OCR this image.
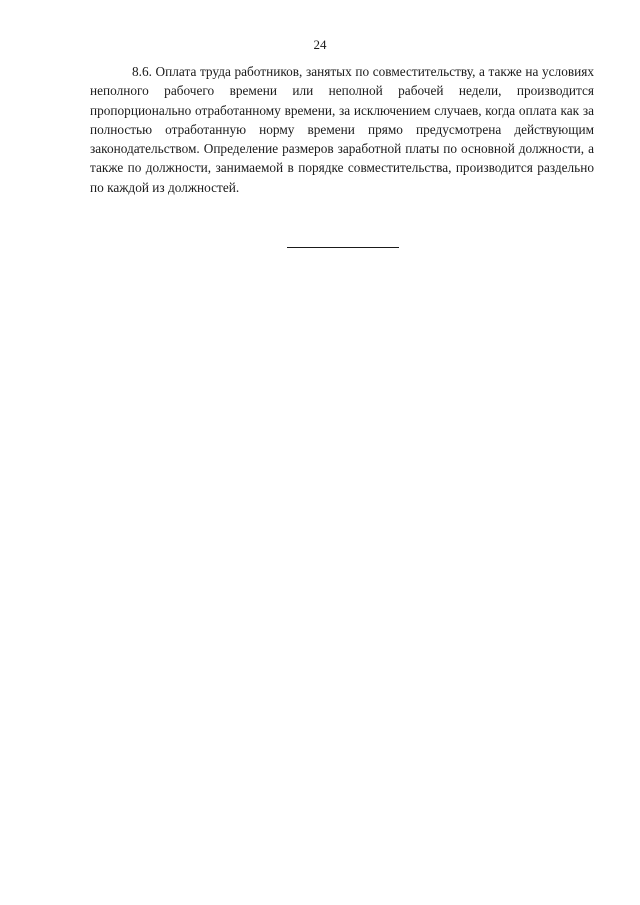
24

8.6. Оплата труда работников, занятых по совместительству, а также на условиях неполного рабочего времени или неполной рабочей недели, производится пропорционально отработанному времени, за исключением случаев, когда оплата как за полностью отработанную норму времени прямо предусмотрена действующим законодательством. Определение размеров заработной платы по основной должности, а также по должности, занимаемой в порядке совместительства, производится раздельно по каждой из должностей.
